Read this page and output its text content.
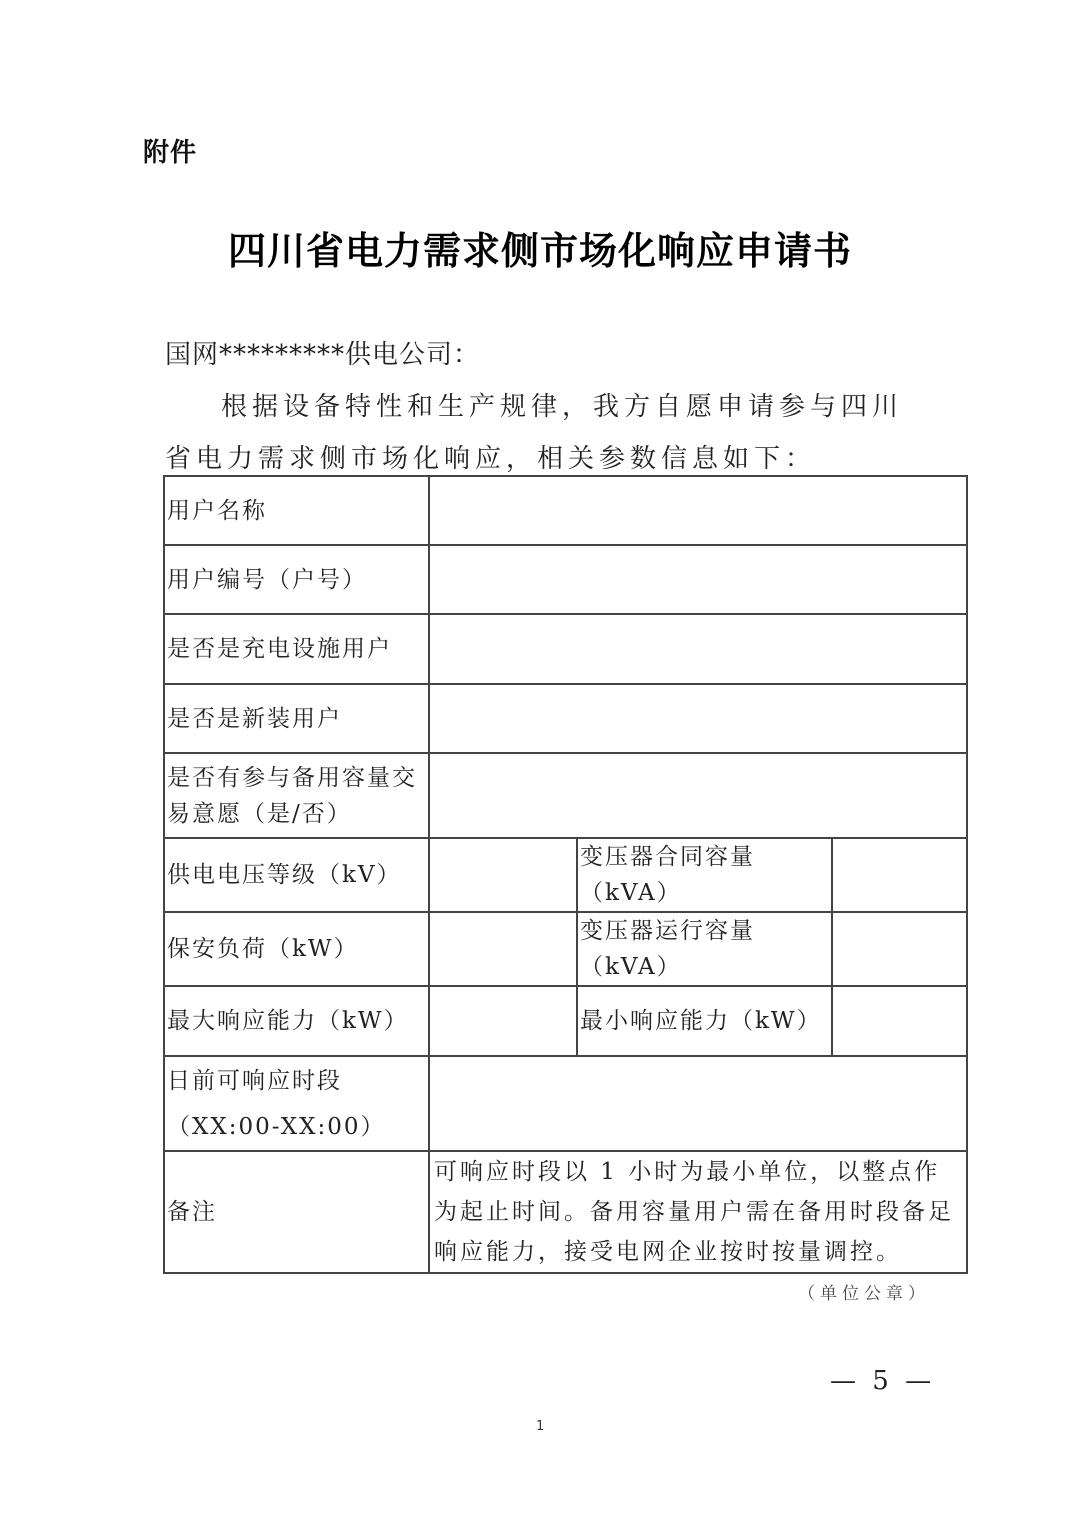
附件
四川省电力需求侧市场化响应申请书
国网*********供电公司：
根据设备特性和生产规律，我方自愿申请参与四川省电力需求侧市场化响应，相关参数信息如下：
用户名称			
用户编号（户号）			
是否是充电设施用户			
是否是新装用户			
是否有参与备用容量交易意愿（是/否）			
供电电压等级（kV）		变压器合同容量（kVA）	
保安负荷（kW）		变压器运行容量（kVA）	
最大响应能力（kW）		最小响应能力（kW）	

日前可响应时段
（XX:00-XX:00）			

备注	可响应时段以 1 小时为最小单位，以整点作为起止时间。备用容量用户需在备用时段备足响应能力，接受电网企业按时按量调控。		
（单位公章）
— 5 —
1
